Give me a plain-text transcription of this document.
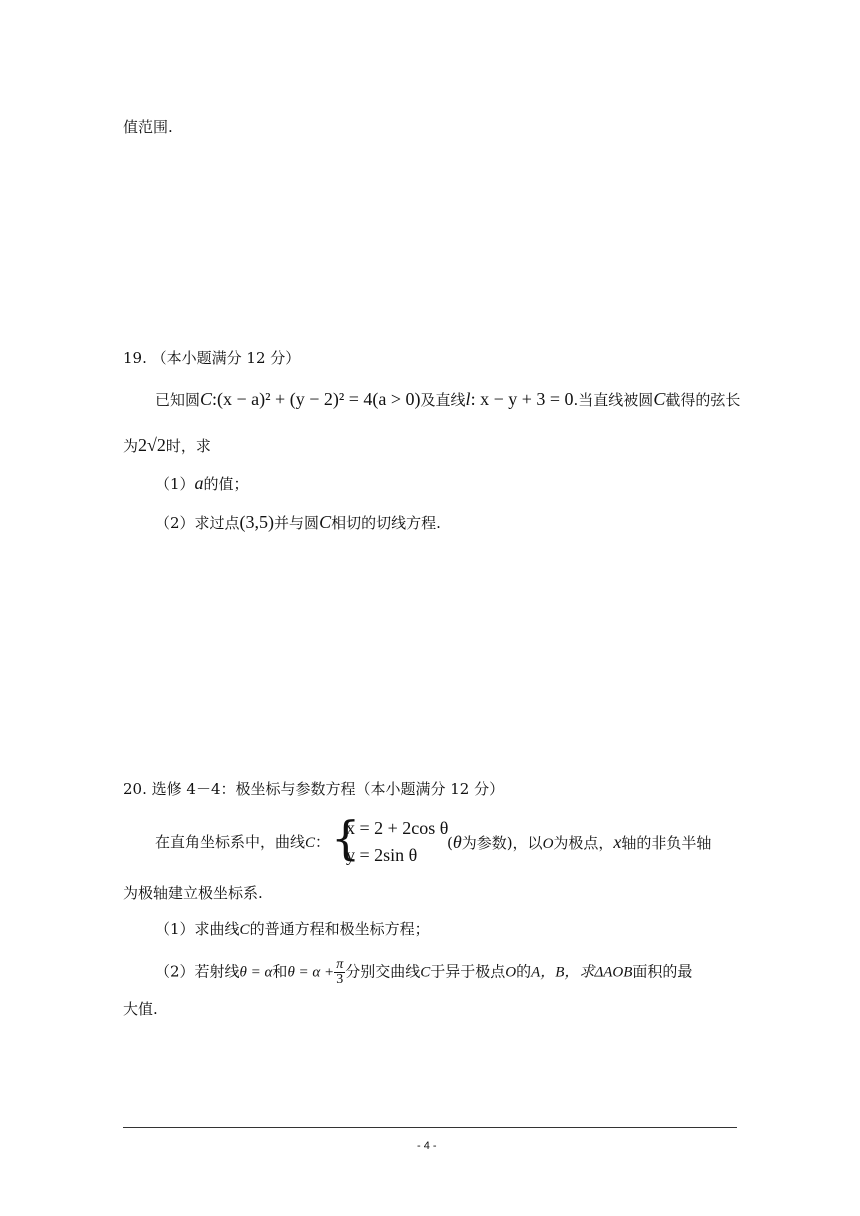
值范围.
19. （本小题满分 12 分）
已知圆C:(x − a)² + (y − 2)² = 4(a > 0)及直线l: x − y + 3 = 0.当直线被圆C截得的弦长
为2√2时，求
（1）a的值；
（2）求过点(3,5)并与圆C相切的切线方程.
20. 选修 4－4：极坐标与参数方程（本小题满分 12 分）
在直角坐标系中，曲线C： {
x = 2 + 2cos θ
y = 2sin θ
(θ为参数)，以O为极点，x轴的非负半轴
为极轴建立极坐标系.
（1）求曲线C的普通方程和极坐标方程；
（2）若射线θ = α和$\theta = \alpha + \frac{\pi}{3}$ 分别交曲线C于异于极点O的A，B，求ΔAOB面积的最
大值.
- 4 -
